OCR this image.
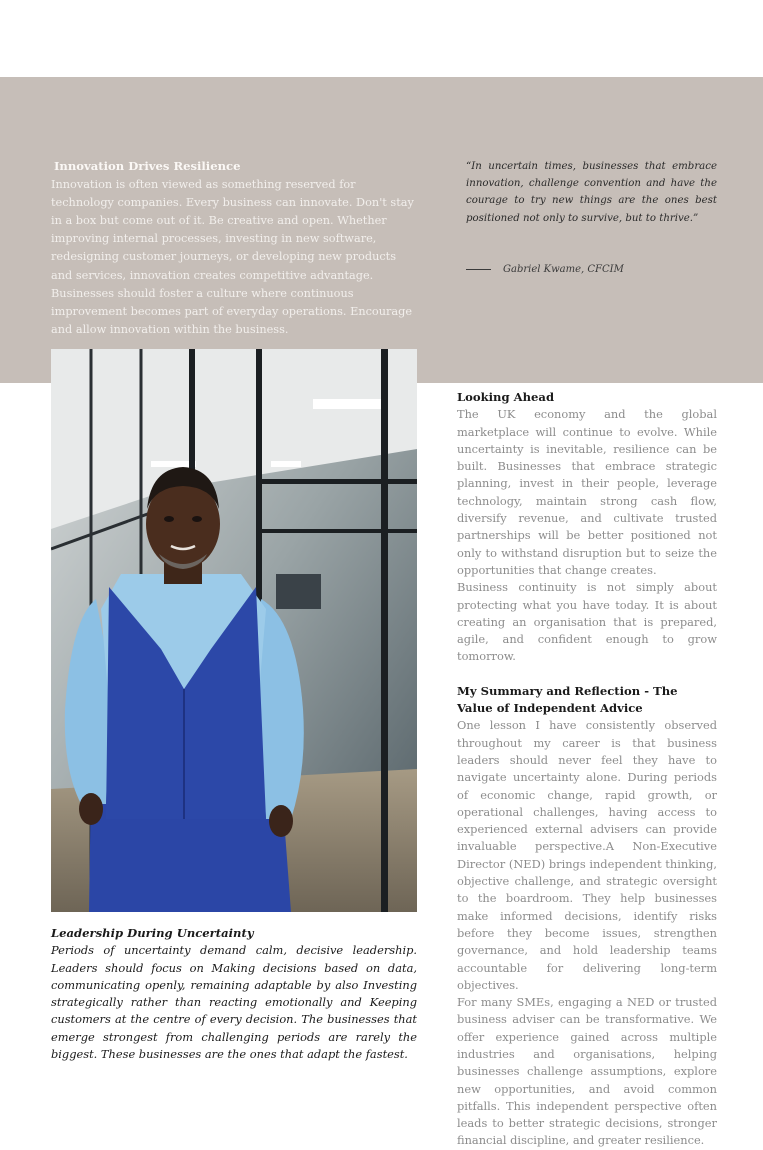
Innovation Drives Resilience

Innovation is often viewed as something reserved for technology companies. Every business can innovate. Don't stay in a box but come out of it. Be creative and open. Whether improving internal processes, investing in new software, redesigning customer journeys, or developing new products and services, innovation creates competitive advantage. Businesses should foster a culture where continuous improvement becomes part of everyday operations. Encourage and allow innovation within the business.

“In uncertain times, businesses that embrace innovation, challenge convention and have the courage to try new things are the ones best positioned not only to survive, but to thrive.”

Gabriel Kwame, CFCIM
Looking Ahead

The UK economy and the global marketplace will continue to evolve. While uncertainty is inevitable, resilience can be built. Businesses that embrace strategic planning, invest in their people, leverage technology, maintain strong cash flow, diversify revenue, and cultivate trusted partnerships will be better positioned not only to withstand disruption but to seize the opportunities that change creates.

Business continuity is not simply about protecting what you have today. It is about creating an organisation that is prepared, agile, and confident enough to grow tomorrow.

My Summary and Reflection - The Value of Independent Advice

One lesson I have consistently observed throughout my career is that business leaders should never feel they have to navigate uncertainty alone. During periods of economic change, rapid growth, or operational challenges, having access to experienced external advisers can provide invaluable perspective.A Non-Executive Director (NED) brings independent thinking, objective challenge, and strategic oversight to the boardroom. They help businesses make informed decisions, identify risks before they become issues, strengthen governance, and hold leadership teams accountable for delivering long-term objectives.

For many SMEs, engaging a NED or trusted business adviser can be transformative. We offer experience gained across multiple industries and organisations, helping businesses challenge assumptions, explore new opportunities, and avoid common pitfalls. This independent perspective often leads to better strategic decisions, stronger financial discipline, and greater resilience.

Leadership During Uncertainty

Periods of uncertainty demand calm, decisive leadership. Leaders should focus on Making decisions based on data, communicating openly, remaining adaptable by also Investing strategically rather than reacting emotionally and Keeping customers at the centre of every decision. The businesses that emerge strongest from challenging periods are rarely the biggest. These businesses are the ones that adapt the fastest.
